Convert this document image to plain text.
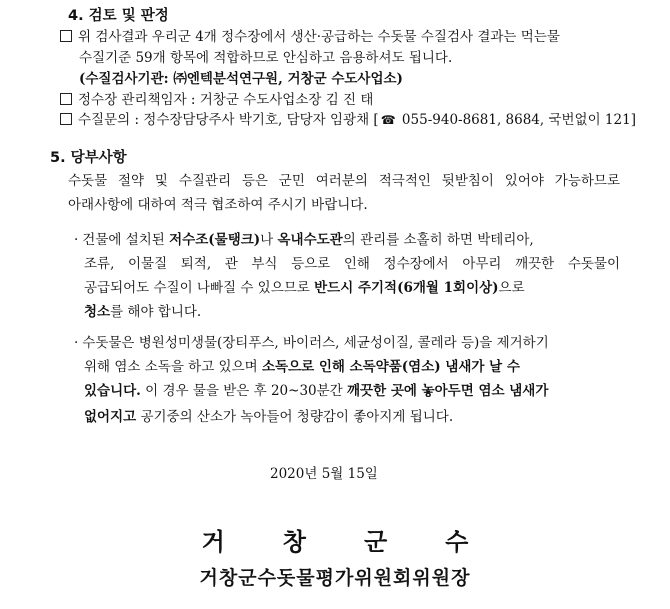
4. 검토 및 판정
위 검사결과 우리군 4개 정수장에서 생산·공급하는 수돗물 수질검사 결과는 먹는물
수질기준 59개 항목에 적합하므로 안심하고 음용하셔도 됩니다.
(수질검사기관: ㈜엔텍분석연구원, 거창군 수도사업소)
정수장 관리책임자 : 거창군 수도사업소장 김 진 태
수질문의 : 정수장담당주사 박기호, 담당자 임광채 [ ☎ 055-940-8681, 8684, 국번없이 121]
5. 당부사항
수돗물 절약 및 수질관리 등은 군민 여러분의 적극적인 뒷받침이 있어야 가능하므로
아래사항에 대하여 적극 협조하여 주시기 바랍니다.
· 건물에 설치된 저수조(물탱크)나 옥내수도관의 관리를 소홀히 하면 박테리아,
조류, 이물질 퇴적, 관 부식 등으로 인해 정수장에서 아무리 깨끗한 수돗물이
공급되어도 수질이 나빠질 수 있으므로 반드시 주기적(6개월 1회이상)으로
청소를 해야 합니다.
· 수돗물은 병원성미생물(장티푸스, 바이러스, 세균성이질, 콜레라 등)을 제거하기
위해 염소 소독을 하고 있으며 소독으로 인해 소독약품(염소) 냄새가 날 수
있습니다. 이 경우 물을 받은 후 20~30분간 깨끗한 곳에 놓아두면 염소 냄새가
없어지고 공기중의 산소가 녹아들어 청량감이 좋아지게 됩니다.
2020년 5월 15일
거창군수
거창군수돗물평가위원회위원장
